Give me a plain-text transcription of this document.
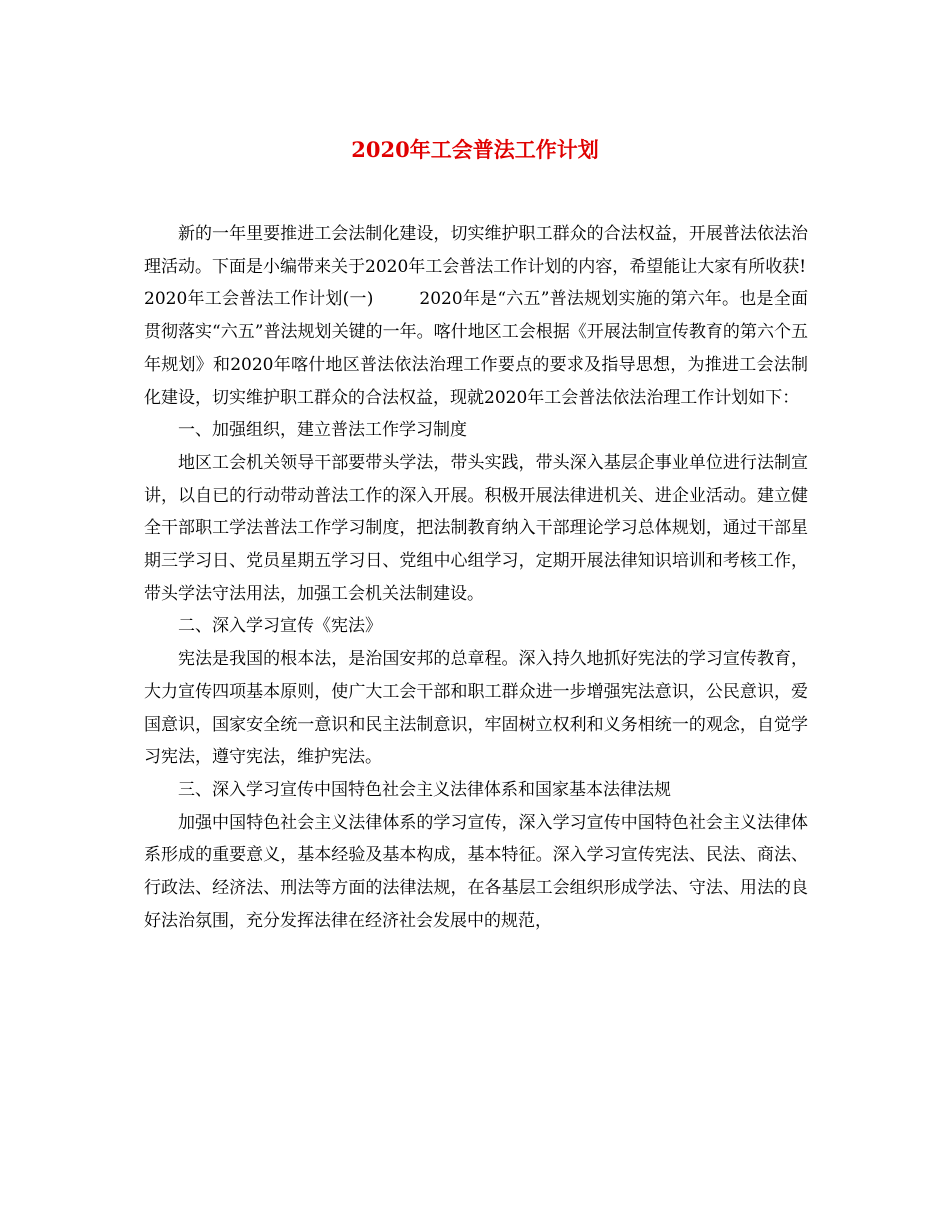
2020年工会普法工作计划

新的一年里要推进工会法制化建设，切实维护职工群众的合法权益，开展普法依法治理活动。下面是小编带来关于2020年工会普法工作计划的内容，希望能让大家有所收获!

2020年工会普法工作计划(一)	2020年是“六五”普法规划实施的第六年。也是全面贯彻落实“六五”普法规划关键的一年。喀什地区工会根据《开展法制宣传教育的第六个五年规划》和2020年喀什地区普法依法治理工作要点的要求及指导思想，为推进工会法制化建设，切实维护职工群众的合法权益，现就2020年工会普法依法治理工作计划如下：

一、加强组织，建立普法工作学习制度

地区工会机关领导干部要带头学法，带头实践，带头深入基层企事业单位进行法制宣讲，以自已的行动带动普法工作的深入开展。积极开展法律进机关、进企业活动。建立健全干部职工学法普法工作学习制度，把法制教育纳入干部理论学习总体规划，通过干部星期三学习日、党员星期五学习日、党组中心组学习，定期开展法律知识培训和考核工作，带头学法守法用法，加强工会机关法制建设。

二、深入学习宣传《宪法》

宪法是我国的根本法，是治国安邦的总章程。深入持久地抓好宪法的学习宣传教育，大力宣传四项基本原则，使广大工会干部和职工群众进一步增强宪法意识，公民意识，爱国意识，国家安全统一意识和民主法制意识，牢固树立权利和义务相统一的观念，自觉学习宪法，遵守宪法，维护宪法。

三、深入学习宣传中国特色社会主义法律体系和国家基本法律法规

加强中国特色社会主义法律体系的学习宣传，深入学习宣传中国特色社会主义法律体系形成的重要意义，基本经验及基本构成，基本特征。深入学习宣传宪法、民法、商法、行政法、经济法、刑法等方面的法律法规，在各基层工会组织形成学法、守法、用法的良好法治氛围，充分发挥法律在经济社会发展中的规范，
